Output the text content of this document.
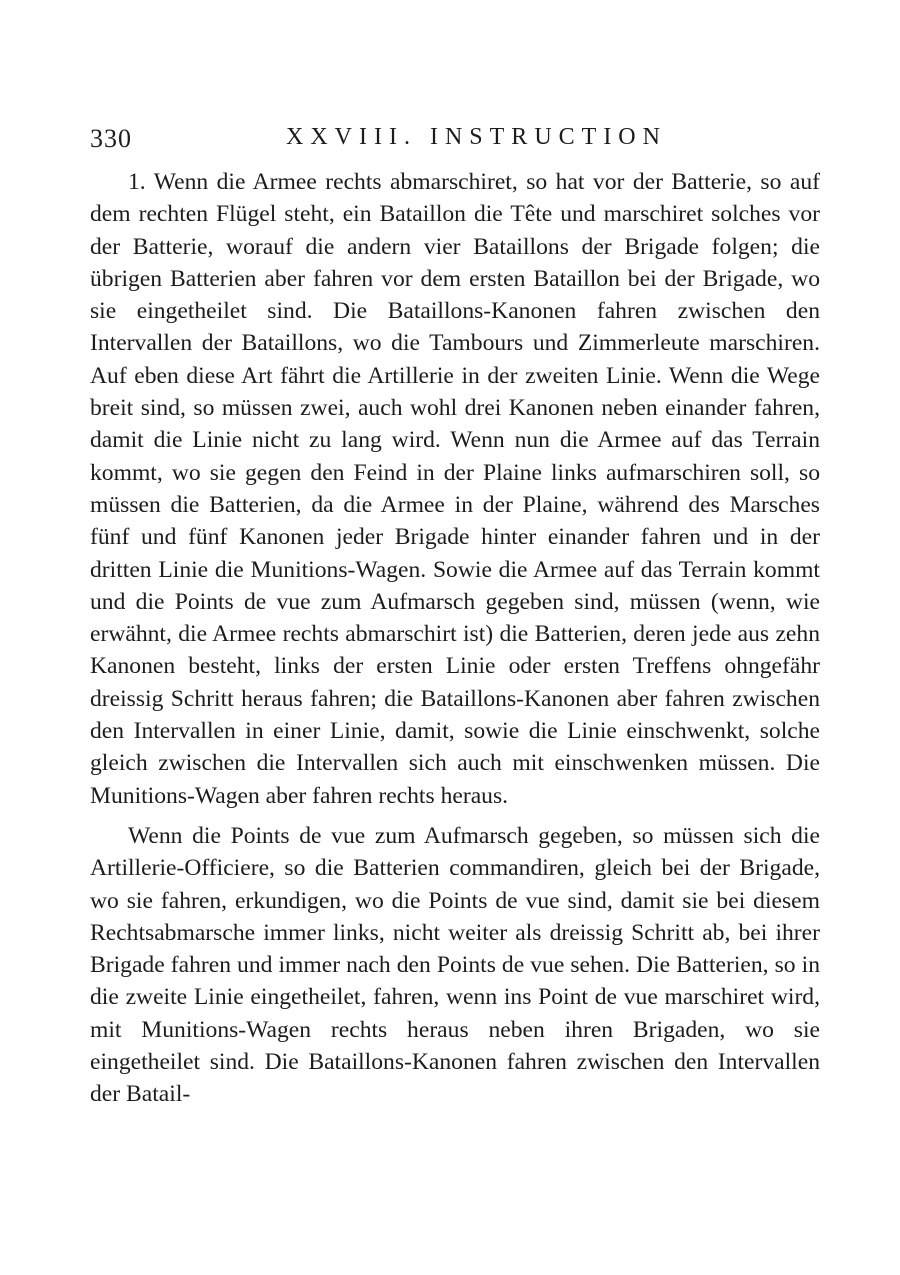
330	XXVIII. INSTRUCTION

1. Wenn die Armee rechts abmarschiret, so hat vor der Batterie, so auf dem rechten Flügel steht, ein Bataillon die Tête und marschiret solches vor der Batterie, worauf die andern vier Bataillons der Brigade folgen; die übrigen Batterien aber fahren vor dem ersten Bataillon bei der Brigade, wo sie eingetheilet sind. Die Bataillons-Kanonen fahren zwischen den Intervallen der Bataillons, wo die Tambours und Zimmerleute marschiren. Auf eben diese Art fährt die Artillerie in der zweiten Linie. Wenn die Wege breit sind, so müssen zwei, auch wohl drei Kanonen neben einander fahren, damit die Linie nicht zu lang wird. Wenn nun die Armee auf das Terrain kommt, wo sie gegen den Feind in der Plaine links aufmarschiren soll, so müssen die Batterien, da die Armee in der Plaine, während des Marsches fünf und fünf Kanonen jeder Brigade hinter einander fahren und in der dritten Linie die Munitions-Wagen. Sowie die Armee auf das Terrain kommt und die Points de vue zum Aufmarsch gegeben sind, müssen (wenn, wie erwähnt, die Armee rechts abmarschirt ist) die Batterien, deren jede aus zehn Kanonen besteht, links der ersten Linie oder ersten Treffens ohngefähr dreissig Schritt heraus fahren; die Bataillons-Kanonen aber fahren zwischen den Intervallen in einer Linie, damit, sowie die Linie einschwenkt, solche gleich zwischen die Intervallen sich auch mit einschwenken müssen. Die Munitions-Wagen aber fahren rechts heraus.

Wenn die Points de vue zum Aufmarsch gegeben, so müssen sich die Artillerie-Officiere, so die Batterien commandiren, gleich bei der Brigade, wo sie fahren, erkundigen, wo die Points de vue sind, damit sie bei diesem Rechtsabmarsche immer links, nicht weiter als dreissig Schritt ab, bei ihrer Brigade fahren und immer nach den Points de vue sehen. Die Batterien, so in die zweite Linie eingetheilet, fahren, wenn ins Point de vue marschiret wird, mit Munitions-Wagen rechts heraus neben ihren Brigaden, wo sie eingetheilet sind. Die Bataillons-Kanonen fahren zwischen den Intervallen der Batail-
